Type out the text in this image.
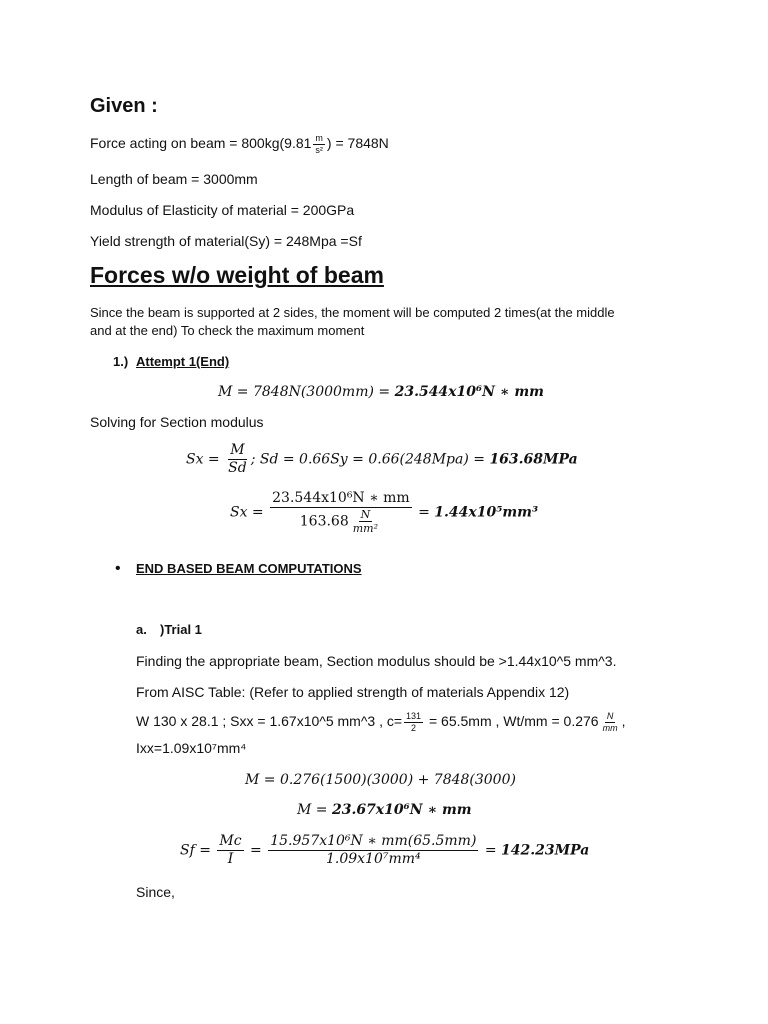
Given :
Force acting on beam = $800kg(9.81 \frac{m}{\text{s²}}$ ) = 7848N
Length of beam = 3000mm
Modulus of Elasticity of material = 200GPa
Yield strength of material(Sy) = 248Mpa =Sf
Forces w/o weight of beam
Since the beam is supported at 2 sides, the moment will be computed 2 times(at the middle
and at the end) To check the maximum moment
1.) Attempt 1(End)
M = 7848N(3000mm) = 23.544x10⁶N ∗ mm
Solving for Section modulus
$Sx = \frac{M}{Sd}$ ; Sd = 0.66Sy = 0.66(248Mpa) = 163.68MPa
$Sx = \frac{\text{23.544x10⁶N ∗ mm}}{163.68 \frac{N}{\text{mm²}}} = 1.44x10^5mm^3$
• END BASED BEAM COMPUTATIONS
a. )Trial 1
Finding the appropriate beam, Section modulus should be >1.44x10^5 mm^3.
From AISC Table: (Refer to applied strength of materials Appendix 12)
W 130 x 28.1 ; Sxx = 1.67x10^5 mm^3 , $c= \frac{131}{2} = 65.5mm$ , $Wt/mm = 0.276 \frac{N}{mm}$ ,
Ixx=1.09x10⁷mm⁴
M = 0.276(1500)(3000) + 7848(3000)
M = 23.67x10⁶N ∗ mm
$Sf = \frac{Mc}{I} = \frac{\text{15.957x10⁶N ∗ mm(65.5mm)}}{\text{1.09x10⁷mm⁴}} = 142.23MPa$
Since,
